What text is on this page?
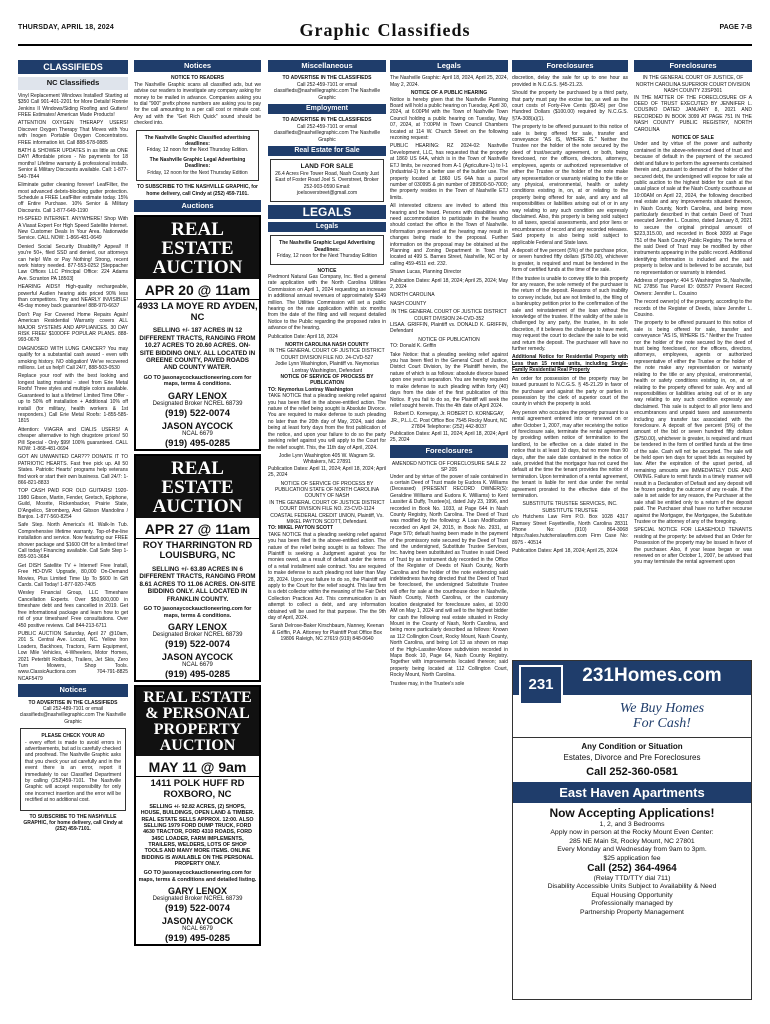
THURSDAY, APRIL 18, 2024	Graphic Classifieds	PAGE 7-B
CLASSIFIEDS
NC Classifieds

Vinyl Replacement Windows Installed! Starting at $350 Call 901-401-2201 for More Details! Ronnie Jenkins II Windows/Siding Roofing and Gutters! FREE Estimates! American Made Products!

ATTENTION OXYGEN THERAPY USERS! Discover Oxygen Therapy That Moves with You with Inogen Portable Oxygen Concentrators. FREE information kit. Call 888-578-0885

BATH & SHOWER UPDATES in as little as ONE DAY! Affordable prices - No payments for 18 months! Lifetime warranty & professional installs. Senior & Military Discounts available. Call: 1-877-540-7844

Eliminate gutter cleaning forever! LeafFilter, the most advanced debris-blocking gutter protection. Schedule a FREE LeafFilter estimate today. 15% off Entire Purchase. 10% Senior & Military Discounts. Call 1-877-649-1190

HI-SPEED INTERNET. ANYWHERE! Shop With A Viasat Expert For High Speed Satellite Internet. New Customer Deals In Your Area. Nationwide Service. CALL NOW: 1-866-481-0649

Denied Social Security Disability? Appeal! If you're 50+, filed SSD and denied, our attorneys can help! Win or Pay Nothing! Strong, recent work history needed. 877-553-0252 [Steppacher Law Offices LLC Principal Office: 224 Adams Ave. Scranton PA 18503]

HEARING AIDS!! High-quality rechargeable, powerful Audien hearing aids priced 90% less than competitors. Tiny and NEARLY INVISIBLE! 45-day money back guarantee! 888-970-6637

Don't Pay For Covered Home Repairs Again! American Residential Warranty covers ALL MAJOR SYSTEMS AND APPLIANCES. 30 DAY RISK FREE/ $100OFF POPULAR PLANS. 888-993-0678

DIAGNOSED WITH LUNG CANCER? You may qualify for a substantial cash award - even with smoking history. NO obligation! We've recovered millions. Let us help!! Call 24/7, 888-503-0530

Replace your roof with the best looking and longest lasting material - steel from Erie Metal Roofs! Three styles and multiple colors available. Guaranteed to last a lifetime! Limited Time Offer - up to 50% off installation + Additional 10% off install (for military, health workers & 1st responders.) Call Erie Metal Roofs: 1-855-585-1815

Attention: VIAGRA and CIALIS USERS! A cheaper alternative to high drugstore prices! 50 Pill Special - Only $99! 100% guaranteed. CALL NOW: 1-868-481-0694

GOT AN UNWANTED CAR??? DONATE IT TO PATRIOTIC HEARTS. Fast free pick up. All 50 States. Patriotic Hearts' programs help veterans find work or start their own business. Call 24/7: 1-866-821-8833

TOP CASH PAID FOR OLD GUITARS! 1920-1980 Gibson, Martin, Fender, Gretsch, Epiphone, Guild, Mosrite, Rickenbacker, Prairie State, D'Angelico, Stromberg, And Gibson Mandolins / Banjos. 1-877-560-8254

Safe Step. North America's #1 Walk-In Tub. Comprehensive lifetime warranty. Top-of-the-line installation and service. Now featuring our FREE shower package and $1600 Off for a limited time! Call today! Financing available. Call Safe Step 1-855-931-3684

Get DISH Satellite TV + Internet! Free Install, Free HD-DVR Upgrade, 80,000 On-Demand Movies, Plus Limited Time Up To $600 In Gift Cards. Call Today! 1-877-920-7405

Wesley Financial Group, LLC Timeshare Cancellation Experts. Over $50,000,000 in timeshare debt and fees cancelled in 2019. Get free informational package and learn how to get rid of your timeshare! Free consultations. Over 450 positive reviews. Call 844-213-6711

PUBLIC AUCTION Saturday, April 27 @10am, 201 S. Central Ave. Locust, NC. Yellow Iron Loaders, Backhoes, Tractors, Farm Equipment, Low Mile Vehicles, 4-Wheelers, Motor Homes, 2021 Peterbilt Rollback, Trailers, Jet Skis, Zero Turn Mowers, Shop Tools. www.ClassicAuctions.com 704-791-8825 NCAF5479

Notices

TO ADVERTISE IN THE CLASSIFIEDS

Call 252-489-7101 or email classifieds@nashvillegraphic.com The Nashville Graphic

PLEASE CHECK YOUR AD

- every effort is made to avoid errors in advertisements, but ad is carefully checked and proofread. The Nashville Graphic asks that you check your ad carefully and in the event there is an error, report it immediately to our Classified Department by calling (252)459-7101. The Nashville Graphic will accept responsibility for only one incorrect insertion and the error will be rectified at no additional cost.

TO SUBSCRIBE TO THE NASHVILLE GRAPHIC, for home delivery, call Cindy at (252) 459-7101.

Notices

NOTICE TO READERS

The Nashville Graphic scans all classified ads, but we advise our readers to investigate any company asking for money to be mailed in advance. Companies asking you to dial "900" prefix phone numbers are asking you to pay for the call amounting to a per call cost or minute cost. Any ad with the "Get Rich Quick" sound should be checked into.

The Nashville Graphic Classified advertising deadlines:

Friday, 12 noon for the Next Thursday Edition.

The Nashville Graphic Legal Advertising Deadlines:

Friday, 12 noon for the Next Thursday Edition

TO SUBSCRIBE TO THE NASHVILLE GRAPHIC, for home delivery, call Cindy at (252) 459-7101.

Auctions
REAL ESTATE AUCTION
APR 20 @ 11am
4933 LA MOYE RD AYDEN, NC
SELLING +/- 187 ACRES IN 12 DIFFERENT TRACTS, RANGING FROM 10.27 ACRES TO 20.60 ACRES. ON-SITE BIDDING ONLY. ALL LOCATED IN GREENE COUNTY, PAVED ROADS AND COUNTY WATER.
GO TO jasonaycockauctioneering.com for maps, terms & conditions.
GARY LENOX
Designated Broker NCREL 68739
(919) 522-0074
JASON AYCOCK
NCAL 6679
(919) 495-0285
REAL ESTATE AUCTION
APR 27 @ 11am
ROY THARRINGTON RD LOUISBURG, NC
SELLING +/- 63.89 ACRES IN 6 DIFFERENT TRACTS, RANGING FROM 8.61 ACRES TO 11.06 ACRES. ON-SITE BIDDING ONLY. ALL LOCATED IN FRANKLIN COUNTY.
GO TO jasonaycockauctioneering.com for maps, terms & conditions.
GARY LENOX
Designated Broker NCREL 68739
(919) 522-0074
JASON AYCOCK
NCAL 6679
(919) 495-0285
REAL ESTATE & PERSONAL PROPERTY AUCTION
MAY 11 @ 9am
1411 POLK HUFF RD ROXBORO, NC
SELLING +/- 92.82 ACRES, (2) SHOPS, HOUSE, BUILDINGS, OPEN LAND & TIMBER. REAL ESTATE SELLS APPROX. 12:00. ALSO SELLING 1979 FORD DUMP TRUCK, FORD 4630 TRACTOR, FORD 4310 ROADS, FORD 345C LOADER, FARM IMPLEMENTS, TRAILERS, WELDERS, LOTS OF SHOP TOOLS AND MANY MORE ITEMS. ONLINE BIDDING IS AVAILABLE ON THE PERSONAL PROPERTY ONLY.
GO TO jasonaycockauctioneering.com for maps, terms & conditions and detailed listing.
GARY LENOX
Designated Broker NCREL 68739
(919) 522-0074
JASON AYCOCK
NCAL 6679
(919) 495-0285
Miscellaneous

TO ADVERTISE IN THE CLASSIFIEDS

Call 252-459-7101 or email classifieds@nashvillegraphic.com The Nashville Graphic

Employment

TO ADVERTISE IN THE CLASSIFIEDS

Call 252-459-7101 or email classifieds@nashvillegraphic.com The Nashville Graphic

Real Estate for Sale

LAND FOR SALE

26.4 Acres Fire Tower Road, Nash County Just East of Foster Road Joel S. Overstreet, Broker 252-903-0590 Email: joelsoverstreet@gmail.com

LEGALS
Legals

The Nashville Graphic Legal Advertising Deadlines:

Friday, 12 noon for the Next Thursday Edition

NOTICE

Piedmont Natural Gas Company, Inc. filed a general rate application with the North Carolina Utilities Commission on April 1, 2024 requesting an increase in additional annual revenues of approximately $149 million. The Utilities Commission will set a public hearing on the rate application within six months from the date of the filing and will request detailed Notice to the Public regarding the proposed rates in advance of the hearing.

Publication Date: April 18, 2024

NORTH CAROLINA NASH COUNTY

IN THE GENERAL COURT OF JUSTICE DISTRICT COURT DIVISION FILE NO. 24-CVD-527

Jodie Lynn Washington, Plaintiff vs. Neymorius Lontray Washington, Defendant

NOTICE OF SERVICE OF PROCESS BY PUBLICATION

TO: Neymorius Lontray Washington

TAKE NOTICE that a pleading seeking relief against you has been filed in the above-entitled action. The nature of the relief being sought is Absolute Divorce. You are required to make defense to such pleading no later than the 20th day of May, 2024, said date being at least forty days from the first publication of the notice, and upon your failure to do so the party seeking relief against you will apply to the Court for the relief sought. This, the 11th day of April, 2024.

Jodie Lynn Washington 405 W. Wagram St. Whitakers, NC 27891

Publication Dates: April 11, 2024; April 18, 2024; April 25, 2024

NOTICE OF SERVICE OF PROCESS BY PUBLICATION STATE OF NORTH CAROLINA COUNTY OF NASH

IN THE GENERAL COURT OF JUSTICE DISTRICT COURT DIVISION FILE NO. 23-CVD-1124

COASTAL FEDERAL CREDIT UNION, Plaintiff, Vs. MIKEL PAYTON SCOTT, Defendant.

TO: MIKEL PAYTON SCOTT

TAKE NOTICE that a pleading seeking relief against you has been filed in the above-entitled action. The nature of the relief being sought is as follows: The Plaintiff is seeking a Judgment against you for monies owed, as a result of default under the terms of a retail installment sale contract. You are required to make defense to such pleading not later than May 28, 2024. Upon your failure to do so, the Plaintiff will apply to the Court for the relief sought. This law firm is a debt collector within the meaning of the Fair Debt Collection Practices Act. This communication is an attempt to collect a debt, and any information obtained will be used for that purpose. The the 9th day of April, 2024.

Sarah Delrose-Baker Kirschbaum, Nanney, Keenan & Griffin, P.A. Attorney for Plaintiff Post Office Box 19806 Raleigh, NC 27619 (919) 848-0640

Legals

The Nashville Graphic: April 18, 2024, April 25, 2024, May 2, 2024.

NOTICE OF A PUBLIC HEARING

Notice is hereby given that the Nashville Planning Board will hold a public hearing on Tuesday, April 30, 2024, at 6:00PM with the Town of Nashville Town Council holding a public hearing on Tuesday, May 07, 2024, at 7:00PM in Town Council Chambers located at 114 W. Church Street on the following rezoning request:

PUBLIC HEARING: RZ 2024-02: Nashville Development, LLC, has requested that the property at 1860 US 64A, which is in the Town of Nashville ETJ limits, be rezoned from A-1 (Agriculture-1) to I-1 (Industrial-1) for a better use of the builder use. The property located at 1860 US 64A has a parcel number of 030995 & pin number of 289500-50-7000; the property resides in the Town of Nashville ETJ limits.

All interested citizens are invited to attend this hearing and be heard. Persons with disabilities who need accommodation to participate in the hearing should contact the office in the Town of Nashville. Information presented at the hearing may result in changes being made to the proposal. Further information on the proposal may be obtained at the Planning and Zoning Department in Town Hall located at 499 S. Barnes Street, Nashville, NC or by calling 459-4511 ext. 232.

Shawn Lucas, Planning Director

Publication Dates: April 18, 2024; April 25, 2024; May 2, 2024

NORTH CAROLINA

NASH COUNTY

IN THE GENERAL COURT OF JUSTICE DISTRICT COURT DIVISION 24-CVD-352

LISAA. GRIFFIN, Plaintiff vs. DONALD K. GRIFFIN, Defendant

NOTICE OF PUBLICATION

TO: Donald K. Griffin

Take Notice: that a pleading seeking relief against you has been filed in the General Court of Justice, District Court Division, by the Plaintiff herein, the nature of which is as follows: absolute divorce based upon one year's separation. You are hereby required to make defense to such pleading within forty (40) days from the date of the first publication of this Notice. If you fail to do so, the Plaintiff will seek the relief sought herein. This the 4th date of April 2024.

Robert D. Kornegay, Jr. ROBERT D. KORNEGAY, JR., P.L.L.C. Post Office Box 7545 Rocky Mount, NC 27804 Telephone: (252) 442-8037

Publication Dates: April 11, 2024; April 18, 2024; April 25, 2024

Foreclosures

AMENDED NOTICE OF FORECLOSURE SALE 22 SP 205

Under and by virtue of the power of sale contained in a certain Deed of Trust made by Eudora K. Williams (Deceased) (PRESENT RECORD OWNER(S): Geraldine Williams and Eudora K. Williams) to Kent Lassiter & Duffy, Trustee(s), dated July 23, 1996, and recorded in Book No. 1033, at Page 644 in Nash County Registry, North Carolina. The Deed of Trust was modified by the following: A Loan Modification recorded on April 24, 2015, in Book No. 2931, at Page 570; default having been made in the payment of the promissory note secured by the Deed of Trust and the undersigned, Substitute Trustee Services, Inc. having been substituted as Trustee in said Deed of Trust by an instrument duly recorded in the Office of the Register of Deeds of Nash County, North Carolina and the holder of the note evidencing said indebtedness having directed that the Deed of Trust be foreclosed, the undersigned Substitute Trustee will offer for sale at the courthouse door in Nashville, Nash County, North Carolina, or the customary location designated for foreclosure sales, at 10:00 AM on May 1, 2024 and will sell to the highest bidder for cash the following real estate situated in Rocky Mount in the County of Nash, North Carolina, and being more particularly described as follows: Known as 112 Collington Court, Rocky Mount, Nash County, North Carolina, and being Lot 13 as shown on map of the High-Lassiter-Moore subdivision recorded in Maps Book 10, Page 64, Nash County Registry. Together with improvements located thereon; said property being located at 112 Collington Court, Rocky Mount, North Carolina.

Trustee may, in the Trustee's sole

Foreclosures

discretion, delay the sale for up to one hour as provided in N.C.G.S. §45-21.23.

Should the property be purchased by a third party, that party must pay the excise tax, as well as the court costs of Forty-Five Cents ($0.45) per One Hundred Dollars ($100.00) required by N.C.G.S. §7A-308(a)(1).

The property to be offered pursuant to this notice of sale is being offered for sale, transfer and conveyance "AS IS, WHERE IS." Neither the Trustee nor the holder of the note secured by the deed of trust/security agreement, or both, being foreclosed, nor the officers, directors, attorneys, employees, agents or authorized representative of either the Trustee or the holder of the note make any representation or warranty relating to the title or any physical, environmental, health or safety conditions existing in, on, at or relating to the property being offered for sale, and any and all responsibilities or liabilities arising out of or in any way relating to any such condition are expressly disclaimed. Also, this property is being sold subject to all taxes, special assessments, and prior liens or encumbrances of record and any recorded releases. Said property is also being sold subject to applicable Federal and State laws.

A deposit of five percent (5%) of the purchase price, or seven hundred fifty dollars ($750.00), whichever is greater, is required and must be tendered in the form of certified funds at the time of the sale.

If the trustee is unable to convey title to this property for any reason, the sole remedy of the purchaser is the return of the deposit. Reasons of such inability to convey include, but are not limited to, the filing of a bankruptcy petition prior to the confirmation of the sale and reinstatement of the loan without the knowledge of the trustee. If the validity of the sale is challenged by any party, the trustee, in its sole discretion, if it believes the challenge to have merit, may request the court to declare the sale to be void and return the deposit. The purchaser will have no further remedy.

Additional Notice for Residential Property with Less than 15 rental units, including Single-Family Residential Real Property

An order for possession of the property may be issued pursuant to N.C.G.S. § 45-21.29 in favor of the purchaser and against the party or parties in possession by the clerk of superior court of the county in which the property is sold.

Any person who occupies the property pursuant to a rental agreement entered into or renewed on or after October 1, 2007, may after receiving the notice of foreclosure sale, terminate the rental agreement by providing written notice of termination to the landlord, to be effective on a date stated in the notice that is at least 10 days, but no more than 90 days, after the sale date contained in the notice of sale, provided that the mortgagor has not cured the default at the time the tenant provides the notice of termination. Upon termination of a rental agreement, the tenant is liable for rent due under the rental agreement prorated to the effective date of the termination.

SUBSTITUTE TRUSTEE SERVICES, INC. SUBSTITUTE TRUSTEE

c/o Hutchens Law Firm P.O. Box 1028 4317 Ramsey Street Fayetteville, North Carolina 28311 Phone No: (910) 864-3068 https://sales.hutchenslawfirm.com Firm Case No: 8975 - 40514

Publication Dates: April 18, 2024; April 25, 2024

Foreclosures

IN THE GENERAL COURT OF JUSTICE, OF NORTH CAROLINA SUPERIOR COURT DIVISION NASH COUNTY 23SP301

IN THE MATTER OF THE FORECLOSURE OF A DEED OF TRUST EXECUTED BY JENNIFER L. COUSINO DATED JANUARY 8, 2021 AND RECORDED IN BOOK 3099 AT PAGE 751 IN THE NASH COUNTY PUBLIC REGISTRY, NORTH CAROLINA

NOTICE OF SALE

Under and by virtue of the power and authority contained in the above-referenced deed of trust and because of default in the payment of the secured debt and failure to perform the agreements contained therein and, pursuant to demand of the holder of the secured debt, the undersigned will expose for sale at public auction to the highest bidder for cash at the usual place of sale at the Nash County courthouse at 10:00AM on April 22, 2024, the following described real estate and any improvements situated thereon, in Nash County, North Carolina, and being more particularly described in that certain Deed of Trust executed Jennifer L. Cousino, dated January 8, 2021 to secure the original principal amount of $223,315.00, and recorded in Book 3099 at Page 751 of the Nash County Public Registry. The terms of the said Deed of Trust may be modified by other instruments appearing in the public record. Additional identifying information is included and the said property is below and is believed to be accurate, but no representation or warranty is intended.

Address of property: 404 S Washington St, Nashville, NC 27856 Tax Parcel ID: 005577 Present Record Owners: Jennifer L. Cousino

The record owner(s) of the property, according to the records of the Register of Deeds, is/are Jennifer L. Cousino.

The property to be offered pursuant to this notice of sale is being offered for sale, transfer and conveyance "AS IS, WHERE IS." Neither the Trustee nor the holder of the note secured by the deed of trust being foreclosed, nor the officers, directors, attorneys, employees, agents or authorized representative of either the Trustee or the holder of the note make any representation or warranty relating to the title or any physical, environmental, health or safety conditions existing in, on, at or relating to the property offered for sale. Any and all responsibilities or liabilities arising out of or in any way relating to any such condition expressly are disclaimed. This sale is subject to all prior liens and encumbrances and unpaid taxes and assessments including any transfer tax associated with the foreclosure. A deposit of five percent (5%) of the amount of the bid or seven hundred fifty dollars ($750.00), whichever is greater, is required and must be tendered in the form of certified funds at the time of the sale. Cash will not be accepted. The sale will be held open ten days for upset bids as required by law. After the expiration of the upset period, all remaining amounts are IMMEDIATELY DUE AND OWING. Failure to remit funds in a timely manner will result in a Declaration of Default and any deposit will be frozen pending the outcome of any re-sale. If the sale is set aside for any reason, the Purchaser at the sale shall be entitled only to a return of the deposit paid. The Purchaser shall have no further recourse against the Mortgagor, the Mortgagee, the Substitute Trustee or the attorney of any of the foregoing.

SPECIAL NOTICE FOR LEASEHOLD TENANTS residing at the property: be advised that an Order for Possession of the property may be issued in favor of the purchaser. Also, if your lease began or was renewed on or after October 1, 2007, be advised that you may terminate the rental agreement upon

231Homes.com
231
We Buy Homes
For Cash!
Any Condition or Situation
Estates, Divorce and Pre Foreclosures
Call 252-360-0581
East Haven Apartments
Now Accepting Applications!
1, 2, and 3 Bedrooms
Apply now in person at the Rocky Mount Even Center:
285 NE Main St, Rocky Mount, NC 27801
Every Monday and Wednesday from 9am to 3pm.
$25 application fee
Call (252) 364-4964
(Relay TTD/TTY dial 711)
Disability Accessible Units Subject to Availability & Need
Equal Housing Opportunity
Professionally managed by
Partnership Property Management
